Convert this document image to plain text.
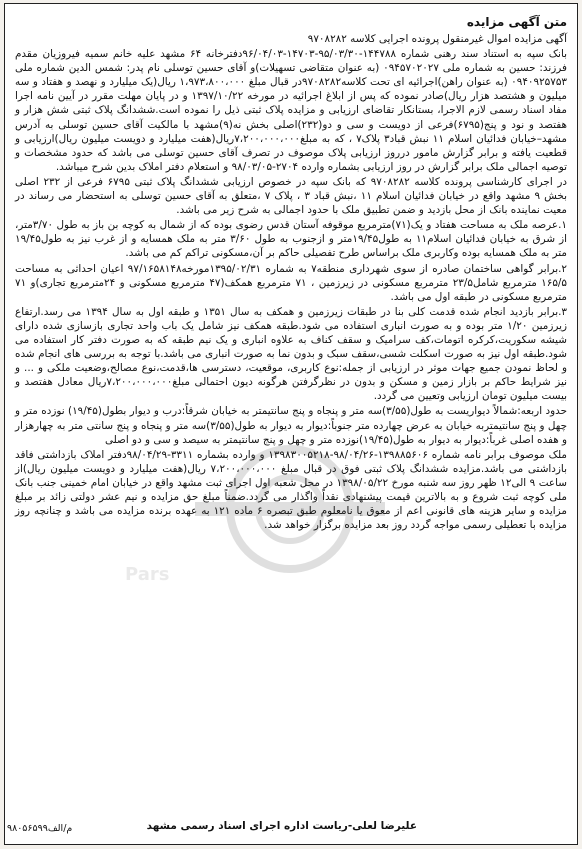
Pars
متن آگهی مزایده

آگهی مزایده اموال غیرمنقول پرونده اجرایی کلاسه ۹۷۰۸۲۸۲

بانک سپه به استناد سند رهنی شماره ۱۴۴۷۸۸-۹۵/۰۳/۳۰-۱۴۷۰۳-۹۶/۰۴/۰۳دفترخانه ۶۴ مشهد علیه خانم سمیه فیروزیان مقدم فرزند: حسین به شماره ملی ۰۹۴۵۷۰۲۰۲۷ (به عنوان متقاضی تسهیلات)و آقای حسین توسلی نام پدر: شمس الدین شماره ملی ۰۹۴۰۹۲۵۷۵۳ (به عنوان راهن)اجرائیه ای تحت کلاسه۹۷۰۸۲۸۲در قبال مبلغ ۱،۹۷۳،۸۰۰،۰۰۰ ریال(یک میلیارد و نهصد و هفتاد و سه میلیون و هشتصد هزار ریال)صادر نموده که پس از ابلاغ اجرائیه در مورخه ۱۳۹۷/۱۰/۲۲ و در پایان مهلت مقرر در آیین نامه اجرا مفاد اسناد رسمی لازم الاجرا، بستانکار تقاضای ارزیابی و مزایده پلاک ثبتی ذیل را نموده است.ششدانگ پلاک ثبتی شش هزار و هفتصد و نود و پنج(۶۷۹۵)فرعی از دویست و سی و دو(۲۳۲)اصلی بخش نه(۹)مشهد با مالکیت آقای حسین توسلی به آدرس مشهد–خیابان فدائیان اسلام ۱۱ نبش قباد۳ پلاک۷ ، که به مبلغ۷،۲۰۰،۰۰۰،۰۰۰ریال(هفت میلیارد و دویست میلیون ریال)ارزیابی و قطعیت یافته و برابر گزارش مامور درروز ارزیابی پلاک موصوف در تصرف آقای حسین توسلی می باشد که حدود مشخصات و توصیه اجمالی ملک برابر گزارش در روز ارزیابی بشماره وارده ۲۷۰۴-۹۸/۰۳/۰۵ و استعلام دفتر املاک بدین شرح میباشد.

در اجرای کارشناسی پرونده کلاسه ۹۷۰۸۲۸۲ که بانک سپه در خصوص ارزیابی ششدانگ پلاک ثبتی ۶۷۹۵ فرعی از ۲۳۲ اصلی بخش ۹ مشهد واقع در خیابان فدائیان اسلام ۱۱ ،نبش قباد ۳ ، پلاک ۷ ،متعلق به آقای حسین توسلی به استحضار می رساند در معیت نماینده بانک از محل بازدید و ضمن تطبیق ملک با حدود اجمالی به شرح زیر می باشد.

۱.عرصه ملک به مساحت هفتاد و یک(۷۱)مترمربع موقوفه آستان قدس رضوی بوده که از شمال به کوچه بن باز به طول ۳/۷۰متر، از شرق به خیابان فدائیان اسلام۱۱ به طول۱۹/۴۵متر و ازجنوب به طول ۳/۶۰ متر به ملک همسایه و از غرب نیز به طول۱۹/۴۵ متر به ملک همسایه بوده وکاربری ملک براساس طرح تفصیلی حاکم بر آن،مسکونی تراکم کم می باشد.

۲.برابر گواهی ساختمان صادره از سوی شهرداری منطقه۷ به شماره ۱۳۹۵/۰۲/۳۱مورخه۹۷/۱۶۵۸۱۴۸ اعیان احداثی به مساحت ۱۶۵/۵ مترمربع شامل۲۳/۵ مترمربع مسکونی در زیرزمین ، ۷۱ مترمربع همکف(۴۷ مترمربع مسکونی و ۲۴مترمربع تجاری)و ۷۱ مترمربع مسکونی در طبقه اول می باشد.

۳.برابر بازدید انجام شده قدمت کلی بنا در طبقات زیرزمین و همکف به سال ۱۳۵۱ و طبقه اول به سال ۱۳۹۴ می رسد.ارتفاع زیرزمین ۱/۲۰ متر بوده و به صورت انباری استفاده می شود.طبقه همکف نیز شامل یک باب واحد تجاری بازسازی شده دارای شیشه سکوریت،کرکره اتومات،کف سرامیک و سقف کناف به علاوه انباری و یک نیم طبقه که به صورت دفتر کار استفاده می شود.طبقه اول نیز به صورت اسکلت شسی،سقف سبک و بدون نما به صورت انباری می باشد.با توجه به بررسی های انجام شده و لحاظ نمودن جمیع جهات موثر در ارزیابی از جمله:نوع کاربری، موقعیت، دسترسی ها،قدمت،نوع مصالح،وضعیت ملکی و ... و نیز شرایط حاکم بر بازار زمین و مسکن و بدون در نظرگرفتن هرگونه دیون احتمالی مبلغ۷،۲۰۰،۰۰۰،۰۰۰ریال معادل هفتصد و بیست میلیون تومان ارزیابی وتعیین می گردد.

حدود اربعه:شمالاً دیواریست به طول(۳/۵۵)سه متر و پنجاه و پنج سانتیمتر به خیابان شرقاً:درب و دیوار بطول(۱۹/۴۵) نوزده متر و چهل و پنج سانتیمتربه خیابان به عرض چهارده متر جنوباً:دیوار به دیوار به طول(۳/۵۵)سه متر و پنجاه و پنج سانتی متر به چهارهزار و هفده اصلی غرباً:دیوار به دیوار به طول(۱۹/۴۵)نوزده متر و چهل و پنج سانتیمتر به سیصد و سی و دو اصلی

ملک موصوف برابر نامه شماره ۱۳۹۸۸۵۶۰۶-۹۸/۰۴/۲۶-۱۳۹۸۳۰۰۵۲۱۸ و وارده بشماره ۳۳۱۱-۹۸/۰۴/۲۹دفتر املاک بازداشتی فاقد بازداشتی می باشد.مزایده ششدانگ پلاک ثبتی فوق در قبال مبلغ ۷،۲۰۰،۰۰۰،۰۰۰ ریال(هفت میلیارد و دویست میلیون ریال)از ساعت ۹ الی۱۲ ظهر روز سه شنبه مورخ ۱۳۹۸/۰۵/۲۲ در محل شعبه اول اجرای ثبت مشهد واقع در خیابان امام خمینی جنب بانک ملی کوچه ثبت شروع و به بالاترین قیمت پیشنهادی نقداً واگذار می گردد.ضمناً مبلغ حق مزایده و نیم عشر دولتی زائد بر مبلغ مزایده و سایر هزینه های قانونی اعم از معوق یا نامعلوم طبق تبصره ۶ ماده ۱۲۱ به عهده برنده مزایده می باشد و چنانچه روز مزایده با تعطیلی رسمی مواجه گردد روز بعد مزایده برگزار خواهد شد.

علیرضا لعلی-ریاست اداره اجرای اسناد رسمی مشهد
م/الف۹۸۰۵۶۵۹۹
